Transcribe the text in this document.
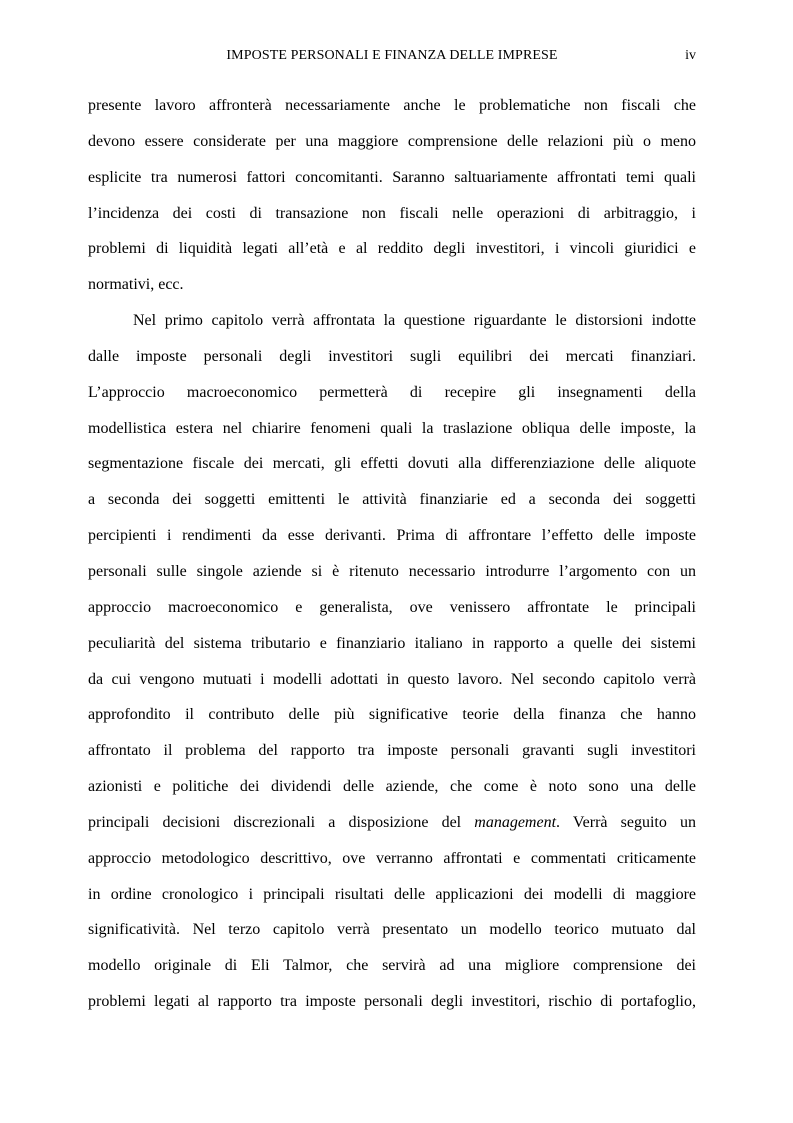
IMPOSTE PERSONALI E FINANZA DELLE IMPRESE	iv
presente lavoro affronterà necessariamente anche le problematiche non fiscali che
devono essere considerate per una maggiore comprensione delle relazioni più o meno
esplicite tra numerosi fattori concomitanti. Saranno saltuariamente affrontati temi quali
l’incidenza dei costi di transazione non fiscali nelle operazioni di arbitraggio, i
problemi di liquidità legati all’età e al reddito degli investitori, i vincoli giuridici e
normativi, ecc.
Nel primo capitolo verrà affrontata la questione riguardante le distorsioni indotte
dalle imposte personali degli investitori sugli equilibri dei mercati finanziari.
L’approccio macroeconomico permetterà di recepire gli insegnamenti della
modellistica estera nel chiarire fenomeni quali la traslazione obliqua delle imposte, la
segmentazione fiscale dei mercati, gli effetti dovuti alla differenziazione delle aliquote
a seconda dei soggetti emittenti le attività finanziarie ed a seconda dei soggetti
percipienti i rendimenti da esse derivanti. Prima di affrontare l’effetto delle imposte
personali sulle singole aziende si è ritenuto necessario introdurre l’argomento con un
approccio macroeconomico e generalista, ove venissero affrontate le principali
peculiarità del sistema tributario e finanziario italiano in rapporto a quelle dei sistemi
da cui vengono mutuati i modelli adottati in questo lavoro. Nel secondo capitolo verrà
approfondito il contributo delle più significative teorie della finanza che hanno
affrontato il problema del rapporto tra imposte personali gravanti sugli investitori
azionisti e politiche dei dividendi delle aziende, che come è noto sono una delle
principali decisioni discrezionali a disposizione del management. Verrà seguito un
approccio metodologico descrittivo, ove verranno affrontati e commentati criticamente
in ordine cronologico i principali risultati delle applicazioni dei modelli di maggiore
significatività. Nel terzo capitolo verrà presentato un modello teorico mutuato dal
modello originale di Eli Talmor, che servirà ad una migliore comprensione dei
problemi legati al rapporto tra imposte personali degli investitori, rischio di portafoglio,
